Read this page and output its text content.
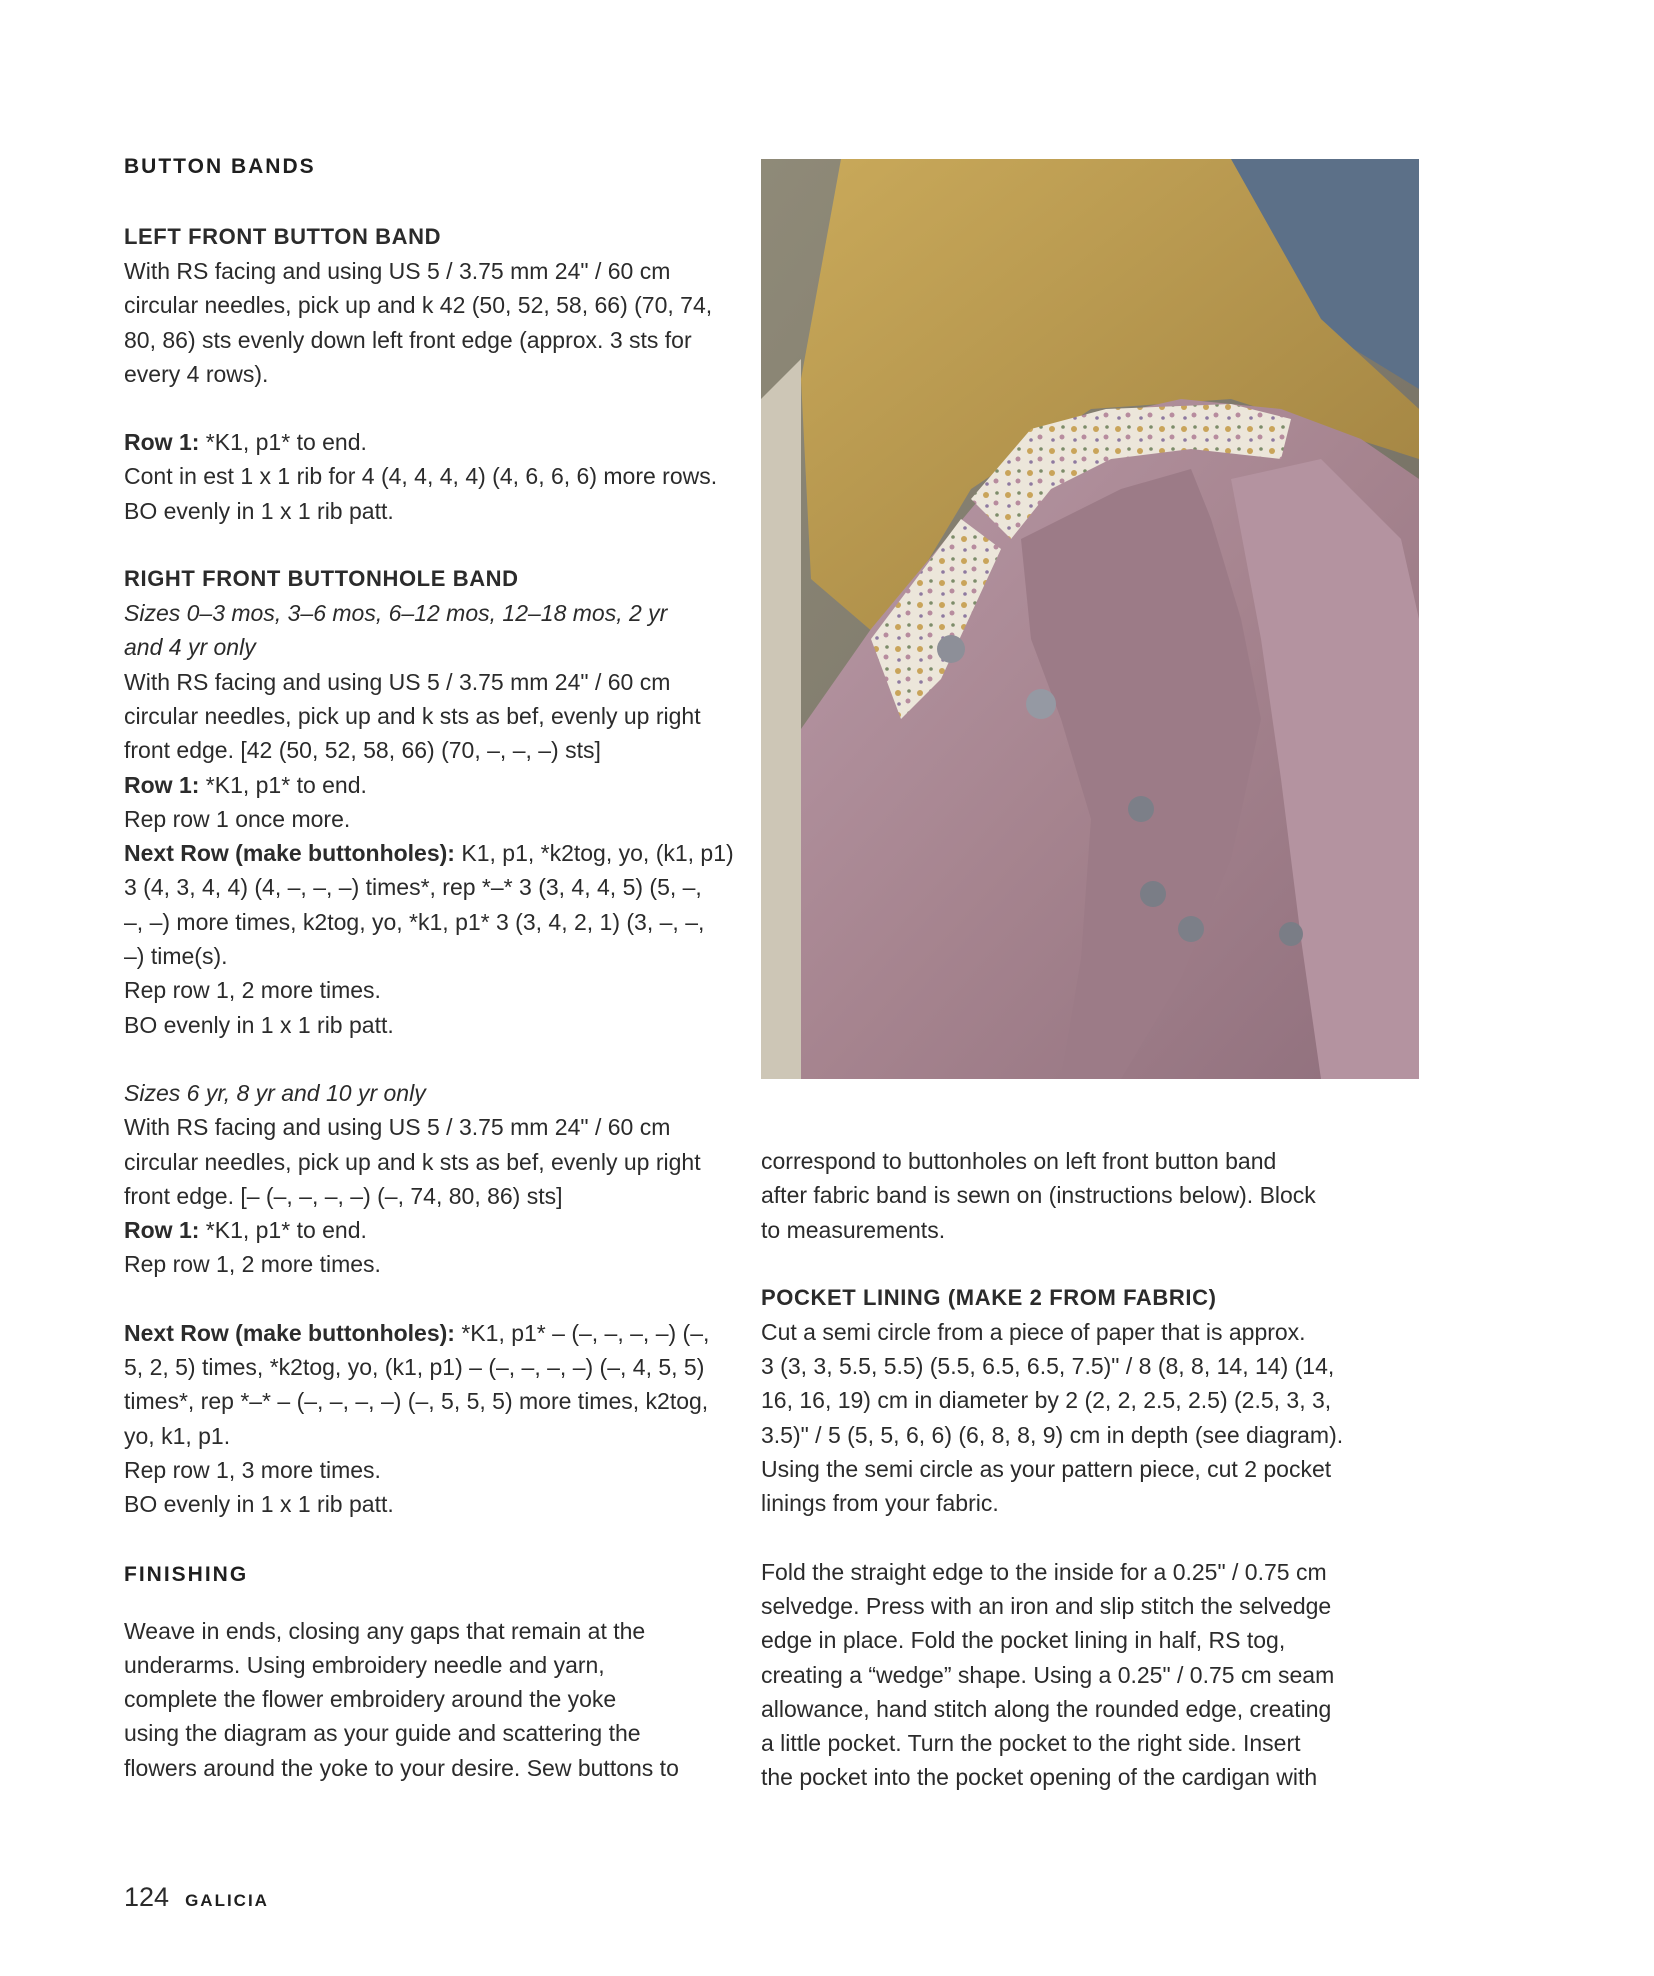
BUTTON BANDS
LEFT FRONT BUTTON BAND

With RS facing and using US 5 / 3.75 mm 24" / 60 cm

circular needles, pick up and k 42 (50, 52, 58, 66) (70, 74,

80, 86) sts evenly down left front edge (approx. 3 sts for

every 4 rows).

Row 1: *K1, p1* to end.

Cont in est 1 x 1 rib for 4 (4, 4, 4, 4) (4, 6, 6, 6) more rows.

BO evenly in 1 x 1 rib patt.

RIGHT FRONT BUTTONHOLE BAND

Sizes 0–3 mos, 3–6 mos, 6–12 mos, 12–18 mos, 2 yr

and 4 yr only

With RS facing and using US 5 / 3.75 mm 24" / 60 cm

circular needles, pick up and k sts as bef, evenly up right

front edge. [42 (50, 52, 58, 66) (70, –, –, –) sts]

Row 1: *K1, p1* to end.

Rep row 1 once more.

Next Row (make buttonholes): K1, p1, *k2tog, yo, (k1, p1)

3 (4, 3, 4, 4) (4, –, –, –) times*, rep *–* 3 (3, 4, 4, 5) (5, –,

–, –) more times, k2tog, yo, *k1, p1* 3 (3, 4, 2, 1) (3, –, –,

–) time(s).

Rep row 1, 2 more times.

BO evenly in 1 x 1 rib patt.

Sizes 6 yr, 8 yr and 10 yr only

With RS facing and using US 5 / 3.75 mm 24" / 60 cm

circular needles, pick up and k sts as bef, evenly up right

front edge. [– (–, –, –, –) (–, 74, 80, 86) sts]

Row 1: *K1, p1* to end.

Rep row 1, 2 more times.

Next Row (make buttonholes): *K1, p1* – (–, –, –, –) (–,

5, 2, 5) times, *k2tog, yo, (k1, p1) – (–, –, –, –) (–, 4, 5, 5)

times*, rep *–* – (–, –, –, –) (–, 5, 5, 5) more times, k2tog,

yo, k1, p1.

Rep row 1, 3 more times.

BO evenly in 1 x 1 rib patt.

FINISHING

Weave in ends, closing any gaps that remain at the

underarms. Using embroidery needle and yarn,

complete the flower embroidery around the yoke

using the diagram as your guide and scattering the

flowers around the yoke to your desire. Sew buttons to

correspond to buttonholes on left front button band

after fabric band is sewn on (instructions below). Block

to measurements.

POCKET LINING (MAKE 2 FROM FABRIC)

Cut a semi circle from a piece of paper that is approx.

3 (3, 3, 5.5, 5.5) (5.5, 6.5, 6.5, 7.5)" / 8 (8, 8, 14, 14) (14,

16, 16, 19) cm in diameter by 2 (2, 2, 2.5, 2.5) (2.5, 3, 3,

3.5)" / 5 (5, 5, 6, 6) (6, 8, 8, 9) cm in depth (see diagram).

Using the semi circle as your pattern piece, cut 2 pocket

linings from your fabric.

Fold the straight edge to the inside for a 0.25" / 0.75 cm

selvedge. Press with an iron and slip stitch the selvedge

edge in place. Fold the pocket lining in half, RS tog,

creating a “wedge” shape. Using a 0.25" / 0.75 cm seam

allowance, hand stitch along the rounded edge, creating

a little pocket. Turn the pocket to the right side. Insert

the pocket into the pocket opening of the cardigan with

124 GALICIA
